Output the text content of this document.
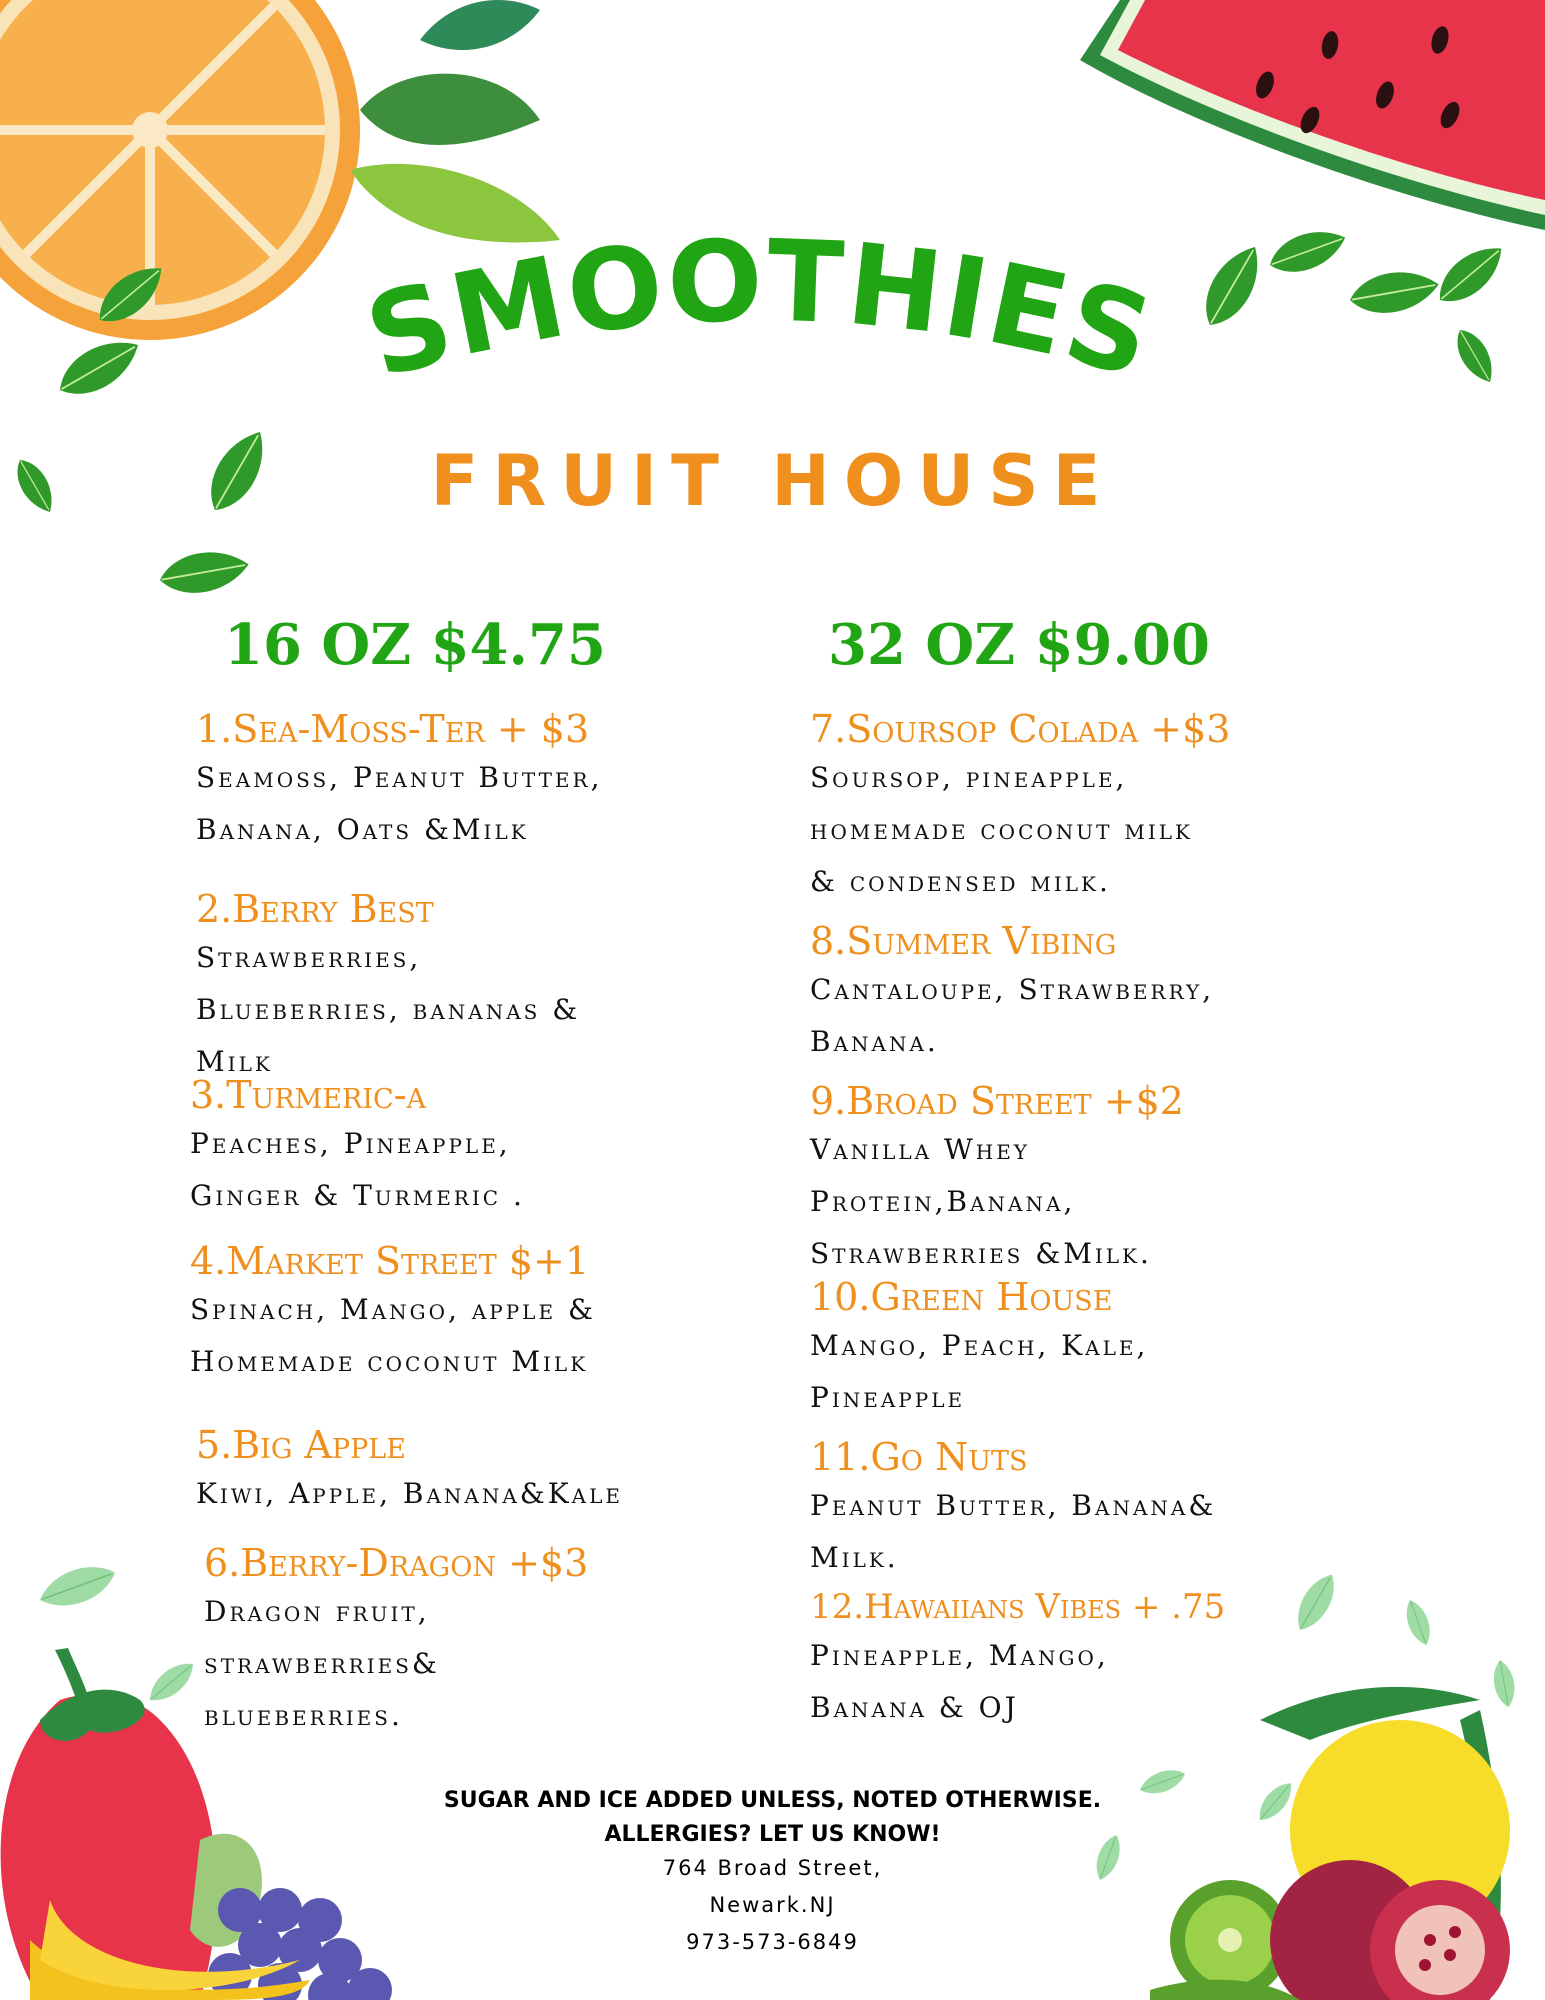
SMOOTHIES
FRUIT HOUSE
16 OZ $4.75	32 OZ $9.00
1.Sea-Moss-Ter + $3
Seamoss, Peanut Butter,
Banana, Oats &Milk
2.Berry Best
Strawberries,
Blueberries, bananas &
Milk
3.Turmeric-a
Peaches, Pineapple,
Ginger & Turmeric .
4.Market Street $+1
Spinach, Mango, apple &
Homemade coconut Milk
5.Big Apple
Kiwi, Apple, Banana&Kale
6.Berry-Dragon +$3
Dragon fruit,
strawberries&
blueberries.
7.Soursop Colada +$3
Soursop, pineapple,
homemade coconut milk
& condensed milk.
8.Summer Vibing
Cantaloupe, Strawberry,
Banana.
9.Broad Street +$2
Vanilla Whey
Protein,Banana,
Strawberries &Milk.
10.Green House
Mango, Peach, Kale,
Pineapple
11.Go Nuts
Peanut Butter, Banana&
Milk.
12.Hawaiians Vibes + .75
Pineapple, Mango,
Banana & OJ
SUGAR AND ICE ADDED UNLESS, NOTED OTHERWISE.
ALLERGIES? LET US KNOW!
764 Broad Street,
Newark.NJ
973-573-6849
